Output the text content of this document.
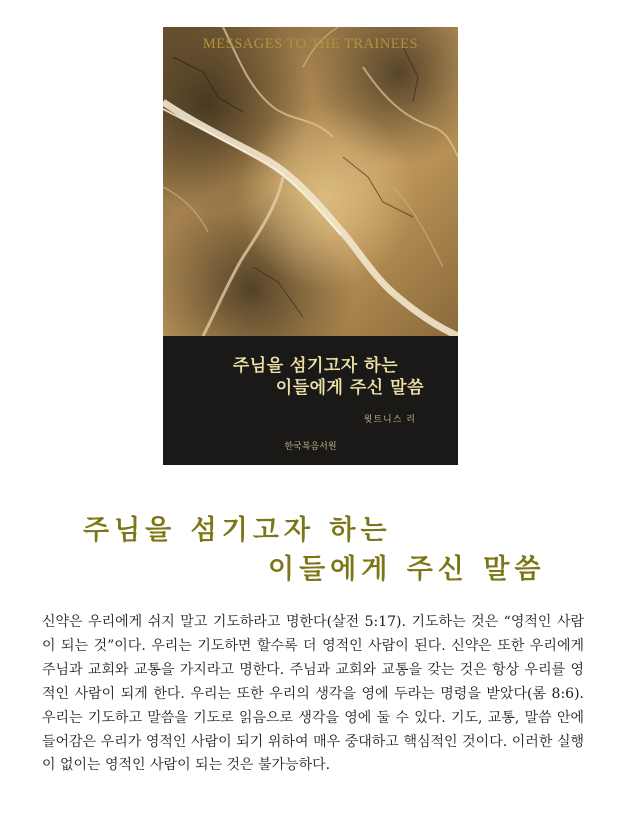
MESSAGES TO THE TRAINEES
주님을 섬기고자 하는
이들에게 주신 말씀
윗트니스 리
한국복음서원
주님을 섬기고자 하는
이들에게 주신 말씀

신약은 우리에게 쉬지 말고 기도하라고 명한다(살전 5:17). 기도하는 것은 “영적인 사람이 되는 것”이다. 우리는 기도하면 할수록 더 영적인 사람이 된다. 신약은 또한 우리에게 주님과 교회와 교통을 가지라고 명한다. 주님과 교회와 교통을 갖는 것은 항상 우리를 영적인 사람이 되게 한다. 우리는 또한 우리의 생각을 영에 두라는 명령을 받았다(롬 8:6). 우리는 기도하고 말씀을 기도로 읽음으로 생각을 영에 둘 수 있다. 기도, 교통, 말씀 안에 들어감은 우리가 영적인 사람이 되기 위하여 매우 중대하고 핵심적인 것이다. 이러한 실행이 없이는 영적인 사람이 되는 것은 불가능하다.
